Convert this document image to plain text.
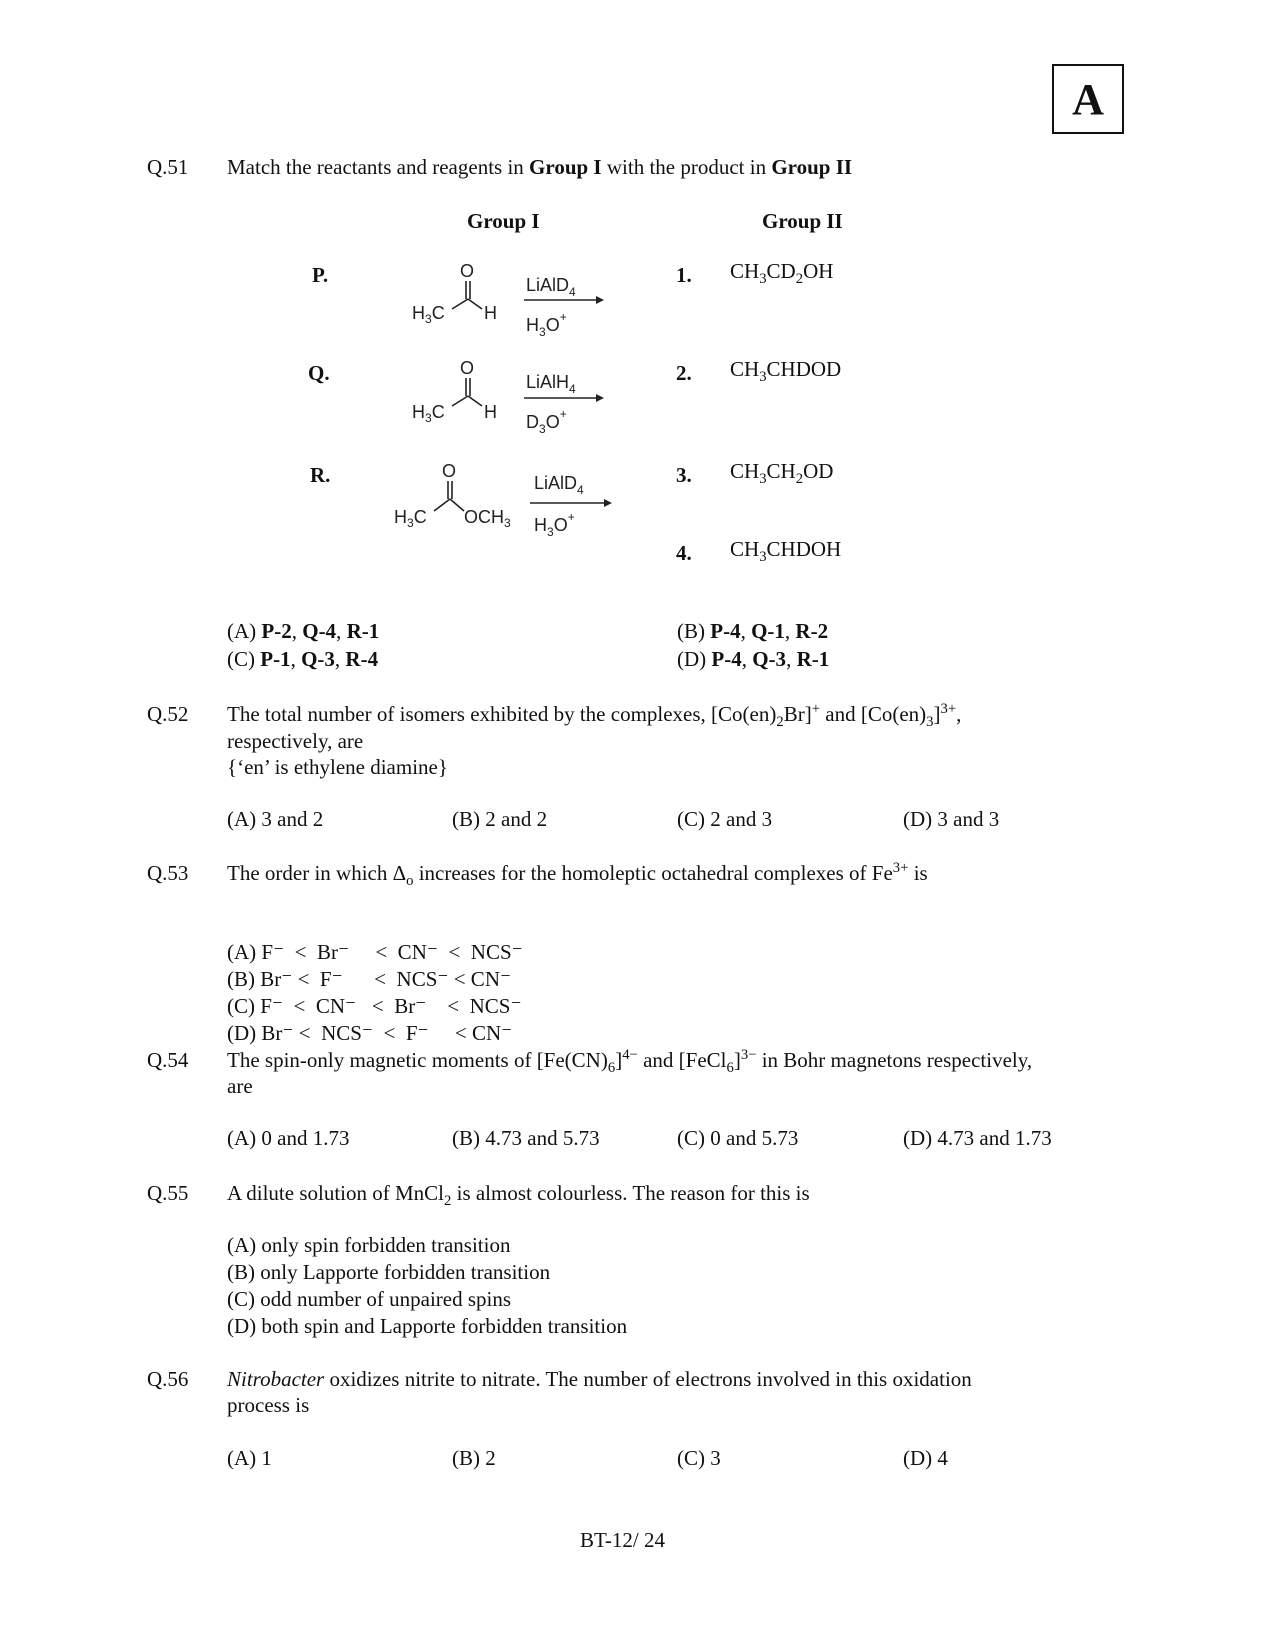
A
Q.51 Match the reactants and reagents in Group I with the product in Group II
Group I	Group II
P.
Q.
R.
O
$H_3C$ H
LiAlD$_4$
$H_3O^+$
O
$H_3C$ H
LiAlH$_4$
$D_3O^+$
O
$H_3C$ $OCH_3$
LiAlD$_4$
$H_3O^+$
1. $CH_3CD_2OH$
2. $CH_3CHDOD$
3. $CH_3CH_2OD$
4. $CH_3CHDOH$
(A) P-2, Q-4, R-1	(B) P-4, Q-1, R-2
(C) P-1, Q-3, R-4	(D) P-4, Q-3, R-1
Q.52 The total number of isomers exhibited by the complexes, $[Co(en)_2Br]^+$ and $[Co(en)_3]^{3+}$,
respectively, are
{‘en’ is ethylene diamine}
(A) 3 and 2	(B) 2 and 2	(C) 2 and 3	(D) 3 and 3
Q.53 The order in which $\Delta_o$ increases for the homoleptic octahedral complexes of $Fe^{3+}$ is

(A) F⁻  <  Br⁻     <  CN⁻  <  NCS⁻
(B) Br⁻ <  F⁻      <  NCS⁻ < CN⁻
(C) F⁻  <  CN⁻   <  Br⁻    <  NCS⁻
(D) Br⁻ <  NCS⁻  <  F⁻     < CN⁻
Q.54 The spin-only magnetic moments of $[Fe(CN)_6]^{4-}$ and [FeCl$_6$]$^{3-}$ in Bohr magnetons respectively,
are
(A) 0 and 1.73	(B) 4.73 and 5.73	(C) 0 and 5.73	(D) 4.73 and 1.73
Q.55 A dilute solution of MnCl$_2$ is almost colourless. The reason for this is
(A) only spin forbidden transition
(B) only Lapporte forbidden transition
(C) odd number of unpaired spins
(D) both spin and Lapporte forbidden transition
Q.56 Nitrobacter oxidizes nitrite to nitrate. The number of electrons involved in this oxidation
process is
(A) 1	(B) 2	(C) 3	(D) 4
BT-12/ 24
